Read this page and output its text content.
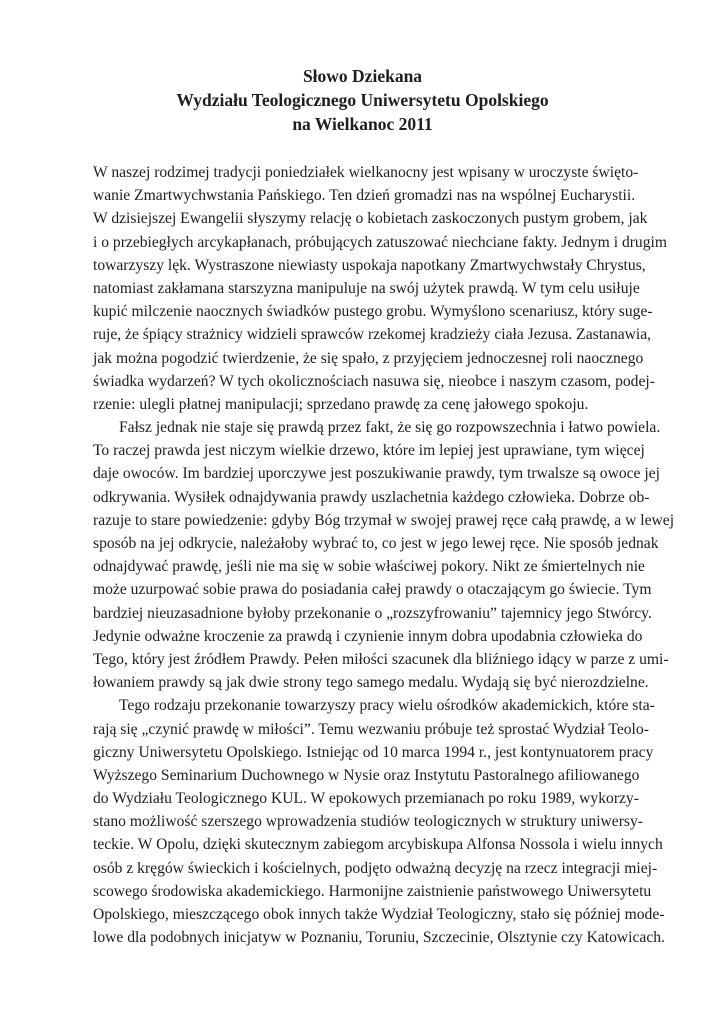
Słowo Dziekana
Wydziału Teologicznego Uniwersytetu Opolskiego
na Wielkanoc 2011
W naszej rodzimej tradycji poniedziałek wielkanocny jest wpisany w uroczyste święto-
wanie Zmartwychwstania Pańskiego. Ten dzień gromadzi nas na wspólnej Eucharystii.
W dzisiejszej Ewangelii słyszymy relację o kobietach zaskoczonych pustym grobem, jak
i o przebiegłych arcykapłanach, próbujących zatuszować niechciane fakty. Jednym i drugim
towarzyszy lęk. Wystraszone niewiasty uspokaja napotkany Zmartwychwstały Chrystus,
natomiast zakłamana starszyzna manipuluje na swój użytek prawdą. W tym celu usiłuje
kupić milczenie naocznych świadków pustego grobu. Wymyślono scenariusz, który suge-
ruje, że śpiący strażnicy widzieli sprawców rzekomej kradzieży ciała Jezusa. Zastanawia,
jak można pogodzić twierdzenie, że się spało, z przyjęciem jednoczesnej roli naocznego
świadka wydarzeń? W tych okolicznościach nasuwa się, nieobce i naszym czasom, podej-
rzenie: ulegli płatnej manipulacji; sprzedano prawdę za cenę jałowego spokoju.
Fałsz jednak nie staje się prawdą przez fakt, że się go rozpowszechnia i łatwo powiela.
To raczej prawda jest niczym wielkie drzewo, które im lepiej jest uprawiane, tym więcej
daje owoców. Im bardziej uporczywe jest poszukiwanie prawdy, tym trwalsze są owoce jej
odkrywania. Wysiłek odnajdywania prawdy uszlachetnia każdego człowieka. Dobrze ob-
razuje to stare powiedzenie: gdyby Bóg trzymał w swojej prawej ręce całą prawdę, a w lewej
sposób na jej odkrycie, należałoby wybrać to, co jest w jego lewej ręce. Nie sposób jednak
odnajdywać prawdę, jeśli nie ma się w sobie właściwej pokory. Nikt ze śmiertelnych nie
może uzurpować sobie prawa do posiadania całej prawdy o otaczającym go świecie. Tym
bardziej nieuzasadnione byłoby przekonanie o „rozszyfrowaniu” tajemnicy jego Stwórcy.
Jedynie odważne kroczenie za prawdą i czynienie innym dobra upodabnia człowieka do
Tego, który jest źródłem Prawdy. Pełen miłości szacunek dla bliźniego idący w parze z umi-
łowaniem prawdy są jak dwie strony tego samego medalu. Wydają się być nierozdzielne.
Tego rodzaju przekonanie towarzyszy pracy wielu ośrodków akademickich, które sta-
rają się „czynić prawdę w miłości”. Temu wezwaniu próbuje też sprostać Wydział Teolo-
giczny Uniwersytetu Opolskiego. Istniejąc od 10 marca 1994 r., jest kontynuatorem pracy
Wyższego Seminarium Duchownego w Nysie oraz Instytutu Pastoralnego afiliowanego
do Wydziału Teologicznego KUL. W epokowych przemianach po roku 1989, wykorzy-
stano możliwość szerszego wprowadzenia studiów teologicznych w struktury uniwersy-
teckie. W Opolu, dzięki skutecznym zabiegom arcybiskupa Alfonsa Nossola i wielu innych
osób z kręgów świeckich i kościelnych, podjęto odważną decyzję na rzecz integracji miej-
scowego środowiska akademickiego. Harmonijne zaistnienie państwowego Uniwersytetu
Opolskiego, mieszczącego obok innych także Wydział Teologiczny, stało się później mode-
lowe dla podobnych inicjatyw w Poznaniu, Toruniu, Szczecinie, Olsztynie czy Katowicach.
